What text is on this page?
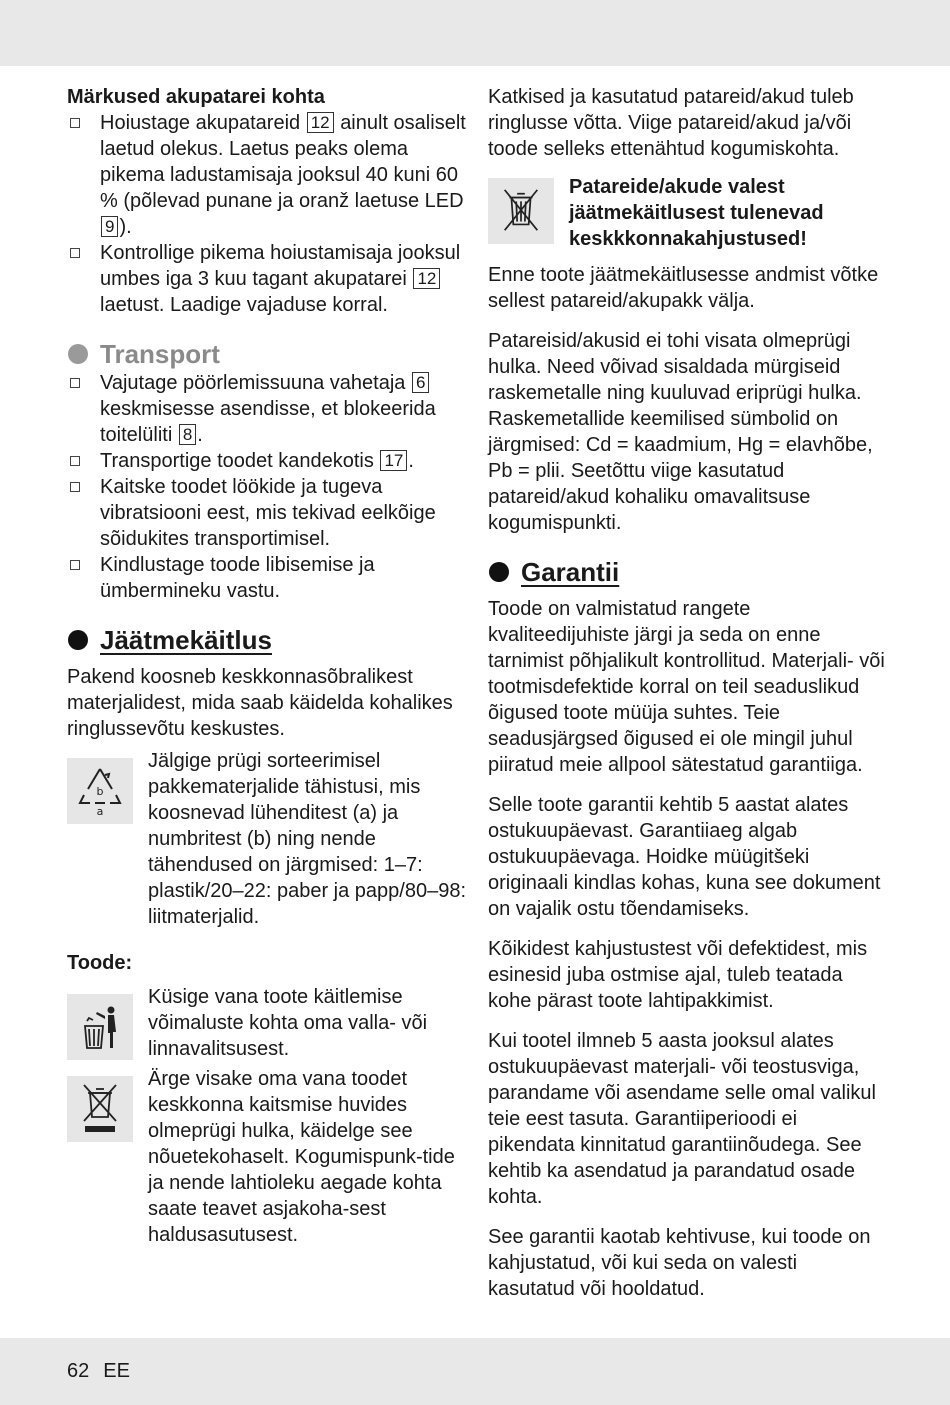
Märkused akupatarei kohta

Hoiustage akupatareid 12 ainult osaliselt laetud olekus. Laetus peaks olema pikema ladustamisaja jooksul 40 kuni 60 % (põlevad punane ja oranž laetuse LED 9 ).
Kontrollige pikema hoiustamisaja jooksul umbes iga 3 kuu tagant akupatarei 12 laetust. Laadige vajaduse korral.
Transport
Vajutage pöörlemissuuna vahetaja 6 keskmisesse asendisse, et blokeerida toitelüliti 8 .
Transportige toodet kandekotis 17 .
Kaitske toodet löökide ja tugeva vibratsiooni eest, mis tekivad eelkõige sõidukites transportimisel.
Kindlustage toode libisemise ja ümbermineku vastu.
Jäätmekäitlus

Pakend koosneb keskkonnasõbralikest materjalidest, mida saab käidelda kohalikes ringlussevõtu keskustes.

b
a

Jälgige prügi sorteerimisel pakkematerjalide tähistusi, mis koosnevad lühenditest (a) ja numbritest (b) ning nende tähendused on järgmised: 1–7: plastik/20–22: paber ja papp/80–98: liitmaterjalid.

Toode:

Küsige vana toote käitlemise võimaluste kohta oma valla- või linnavalitsusest.

Ärge visake oma vana toodet keskkonna kaitsmise huvides olmeprügi hulka, käidelge see nõuetekohaselt. Kogumispunk-tide ja nende lahtioleku aegade kohta saate teavet asjakoha-sest haldusasutusest.

Katkised ja kasutatud patareid/akud tuleb ringlusse võtta. Viige patareid/akud ja/või toode selleks ettenähtud kogumiskohta.

Patareide/akude valest jäätmekäitlusest tulenevad keskkkonnakahjustused!

Enne toote jäätmekäitlusesse andmist võtke sellest patareid/akupakk välja.

Patareisid/akusid ei tohi visata olmeprügi hulka. Need võivad sisaldada mürgiseid raskemetalle ning kuuluvad eriprügi hulka. Raskemetallide keemilised sümbolid on järgmised: Cd = kaadmium, Hg = elavhõbe, Pb = plii. Seetõttu viige kasutatud patareid/akud kohaliku omavalitsuse kogumispunkti.

Garantii

Toode on valmistatud rangete kvaliteedijuhiste järgi ja seda on enne tarnimist põhjalikult kontrollitud. Materjali- või tootmisdefektide korral on teil seaduslikud õigused toote müüja suhtes. Teie seadusjärgsed õigused ei ole mingil juhul piiratud meie allpool sätestatud garantiiga.

Selle toote garantii kehtib 5 aastat alates ostukuupäevast. Garantiiaeg algab ostukuupäevaga. Hoidke müügitšeki originaali kindlas kohas, kuna see dokument on vajalik ostu tõendamiseks.

Kõikidest kahjustustest või defektidest, mis esinesid juba ostmise ajal, tuleb teatada kohe pärast toote lahtipakkimist.

Kui tootel ilmneb 5 aasta jooksul alates ostukuupäevast materjali- või teostusviga, parandame või asendame selle omal valikul teie eest tasuta. Garantiiperioodi ei pikendata kinnitatud garantiinõudega. See kehtib ka asendatud ja parandatud osade kohta.

See garantii kaotab kehtivuse, kui toode on kahjustatud, või kui seda on valesti kasutatud või hooldatud.

62 EE
